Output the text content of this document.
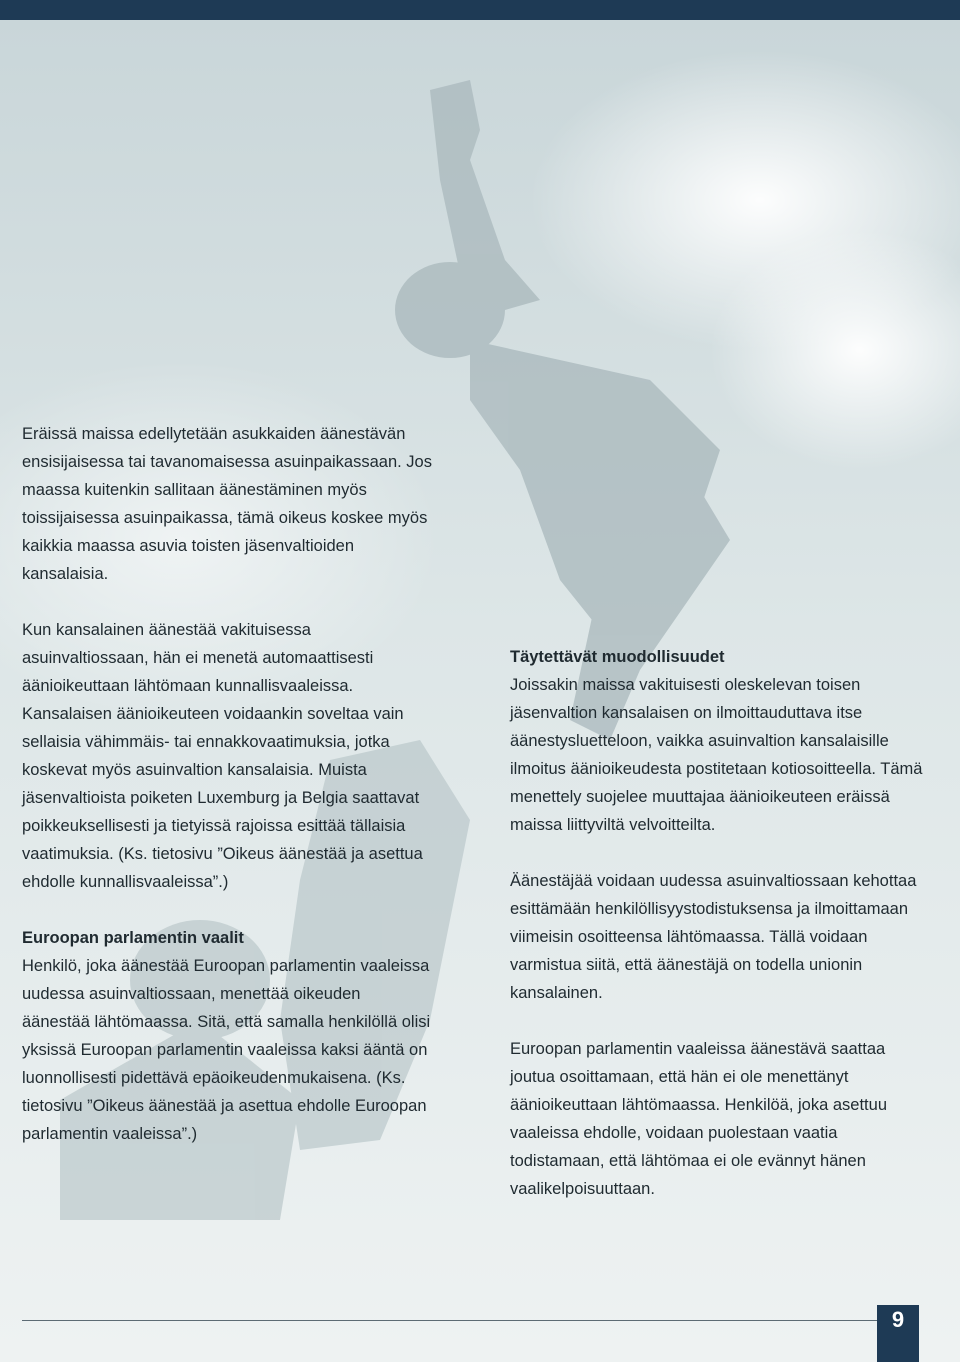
Eräissä maissa edellytetään asukkaiden äänestävän ensisijaisessa tai tavanomaisessa asuinpaikassaan. Jos maassa kuitenkin sallitaan äänestäminen myös toissijaisessa asuinpaikassa, tämä oikeus koskee myös kaikkia maassa asuvia toisten jäsenvaltioiden kansalaisia.

Kun kansalainen äänestää vakituisessa asuinvaltiossaan, hän ei menetä automaattisesti äänioikeuttaan lähtömaan kunnallisvaaleissa. Kansalaisen äänioikeuteen voidaankin soveltaa vain sellaisia vähimmäis- tai ennakkovaatimuksia, jotka koskevat myös asuinvaltion kansalaisia. Muista jäsenvaltioista poiketen Luxemburg ja Belgia saattavat poikkeuksellisesti ja tietyissä rajoissa esittää tällaisia vaatimuksia. (Ks. tietosivu ”Oikeus äänestää ja asettua ehdolle kunnallisvaaleissa”.)

Euroopan parlamentin vaalit
Henkilö, joka äänestää Euroopan parlamentin vaaleissa uudessa asuinvaltiossaan, menettää oikeuden äänestää lähtömaassa. Sitä, että samalla henkilöllä olisi yksissä Euroopan parlamentin vaaleissa kaksi ääntä on luonnollisesti pidettävä epäoikeudenmukaisena. (Ks. tietosivu ”Oikeus äänestää ja asettua ehdolle Euroopan parlamentin vaaleissa”.)

Täytettävät muodollisuudet
Joissakin maissa vakituisesti oleskelevan toisen jäsenvaltion kansalaisen on ilmoittauduttava itse äänestysluetteloon, vaikka asuinvaltion kansalaisille ilmoitus äänioikeudesta postitetaan kotiosoitteella. Tämä menettely suojelee muuttajaa äänioikeuteen eräissä maissa liittyviltä velvoitteilta.

Äänestäjää voidaan uudessa asuinvaltiossaan kehottaa esittämään henkilöllisyystodistuksensa ja ilmoittamaan viimeisin osoitteensa lähtömaassa. Tällä voidaan varmistua siitä, että äänestäjä on todella unionin kansalainen.

Euroopan parlamentin vaaleissa äänestävä saattaa joutua osoittamaan, että hän ei ole menettänyt äänioikeuttaan lähtömaassa. Henkilöä, joka asettuu vaaleissa ehdolle, voidaan puolestaan vaatia todistamaan, että lähtömaa ei ole evännyt hänen vaalikelpoisuuttaan.

9
